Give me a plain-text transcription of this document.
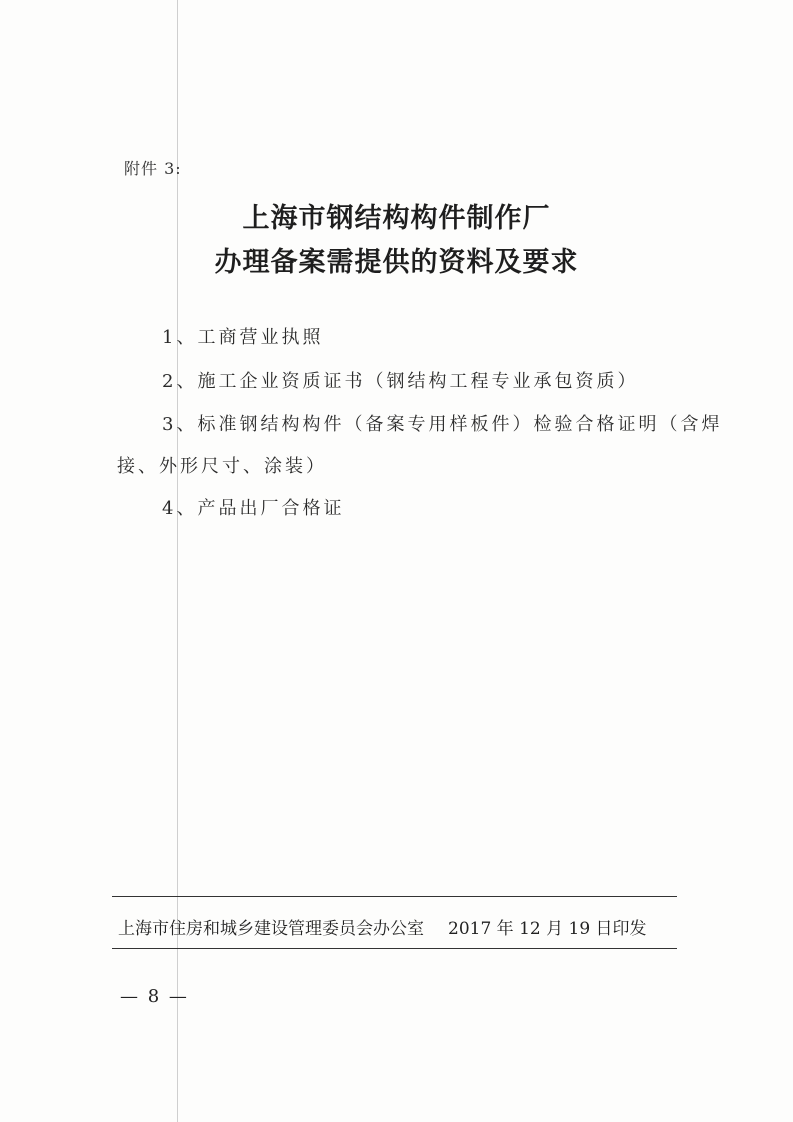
附件 3:
上海市钢结构构件制作厂
办理备案需提供的资料及要求
1、工商营业执照
2、施工企业资质证书（钢结构工程专业承包资质）
3、标准钢结构构件（备案专用样板件）检验合格证明（含焊
接、外形尺寸、涂装）
4、产品出厂合格证
上海市住房和城乡建设管理委员会办公室 2017 年 12 月 19 日印发
— 8 —
